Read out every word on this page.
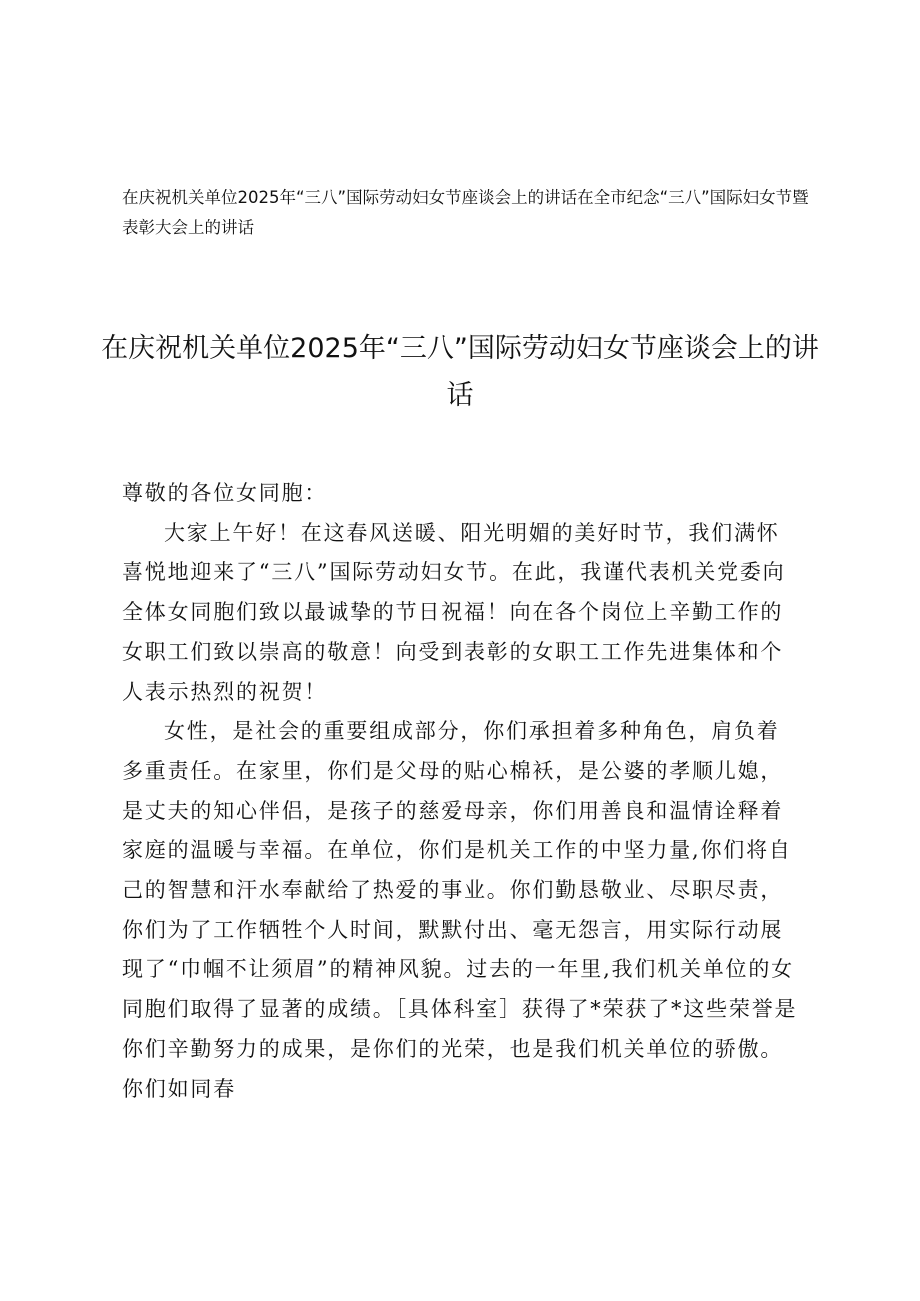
在庆祝机关单位2025年“三八”国际劳动妇女节座谈会上的讲话在全市纪念“三八”国际妇女节暨表彰大会上的讲话

在庆祝机关单位2025年“三八”国际劳动妇女节座谈会上的讲话

尊敬的各位女同胞：

大家上午好！在这春风送暖、阳光明媚的美好时节，我们满怀喜悦地迎来了“三八”国际劳动妇女节。在此，我谨代表机关党委向全体女同胞们致以最诚挚的节日祝福！向在各个岗位上辛勤工作的女职工们致以崇高的敬意！向受到表彰的女职工工作先进集体和个人表示热烈的祝贺！

女性，是社会的重要组成部分，你们承担着多种角色，肩负着多重责任。在家里，你们是父母的贴心棉袄，是公婆的孝顺儿媳，是丈夫的知心伴侣，是孩子的慈爱母亲，你们用善良和温情诠释着家庭的温暖与幸福。在单位，你们是机关工作的中坚力量,你们将自己的智慧和汗水奉献给了热爱的事业。你们勤恳敬业、尽职尽责，你们为了工作牺牲个人时间，默默付出、毫无怨言，用实际行动展现了“巾帼不让须眉”的精神风貌。过去的一年里,我们机关单位的女同胞们取得了显著的成绩。［具体科室］获得了*荣获了*这些荣誉是你们辛勤努力的成果，是你们的光荣，也是我们机关单位的骄傲。你们如同春
